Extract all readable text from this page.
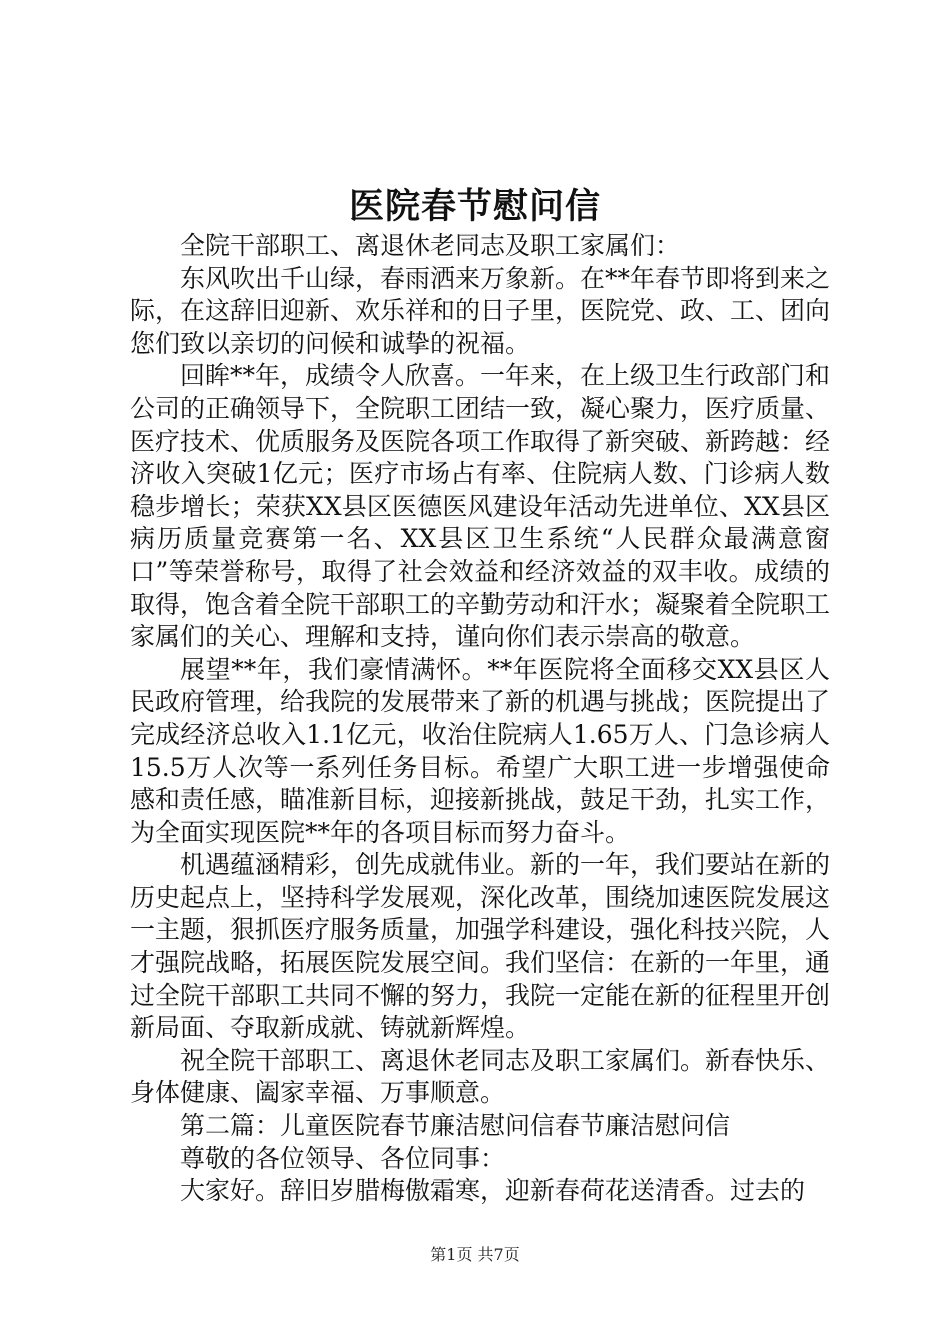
医院春节慰问信

全院干部职工、离退休老同志及职工家属们：

东风吹出千山绿，春雨洒来万象新。在**年春节即将到来之际，在这辞旧迎新、欢乐祥和的日子里，医院党、政、工、团向您们致以亲切的问候和诚挚的祝福。

回眸**年，成绩令人欣喜。一年来，在上级卫生行政部门和公司的正确领导下，全院职工团结一致，凝心聚力，医疗质量、医疗技术、优质服务及医院各项工作取得了新突破、新跨越：经济收入突破1亿元；医疗市场占有率、住院病人数、门诊病人数稳步增长；荣获XX县区医德医风建设年活动先进单位、XX县区病历质量竞赛第一名、XX县区卫生系统“人民群众最满意窗口”等荣誉称号，取得了社会效益和经济效益的双丰收。成绩的取得，饱含着全院干部职工的辛勤劳动和汗水；凝聚着全院职工家属们的关心、理解和支持，谨向你们表示崇高的敬意。

展望**年，我们豪情满怀。**年医院将全面移交XX县区人民政府管理，给我院的发展带来了新的机遇与挑战；医院提出了完成经济总收入1.1亿元，收治住院病人1.65万人、门急诊病人15.5万人次等一系列任务目标。希望广大职工进一步增强使命感和责任感，瞄准新目标，迎接新挑战，鼓足干劲，扎实工作，为全面实现医院**年的各项目标而努力奋斗。

机遇蕴涵精彩，创先成就伟业。新的一年，我们要站在新的历史起点上，坚持科学发展观，深化改革，围绕加速医院发展这一主题，狠抓医疗服务质量，加强学科建设，强化科技兴院，人才强院战略，拓展医院发展空间。我们坚信：在新的一年里，通过全院干部职工共同不懈的努力，我院一定能在新的征程里开创新局面、夺取新成就、铸就新辉煌。

祝全院干部职工、离退休老同志及职工家属们。新春快乐、身体健康、阖家幸福、万事顺意。

第二篇：儿童医院春节廉洁慰问信春节廉洁慰问信

尊敬的各位领导、各位同事：

大家好。辞旧岁腊梅傲霜寒，迎新春荷花送清香。过去的

第1页 共7页
